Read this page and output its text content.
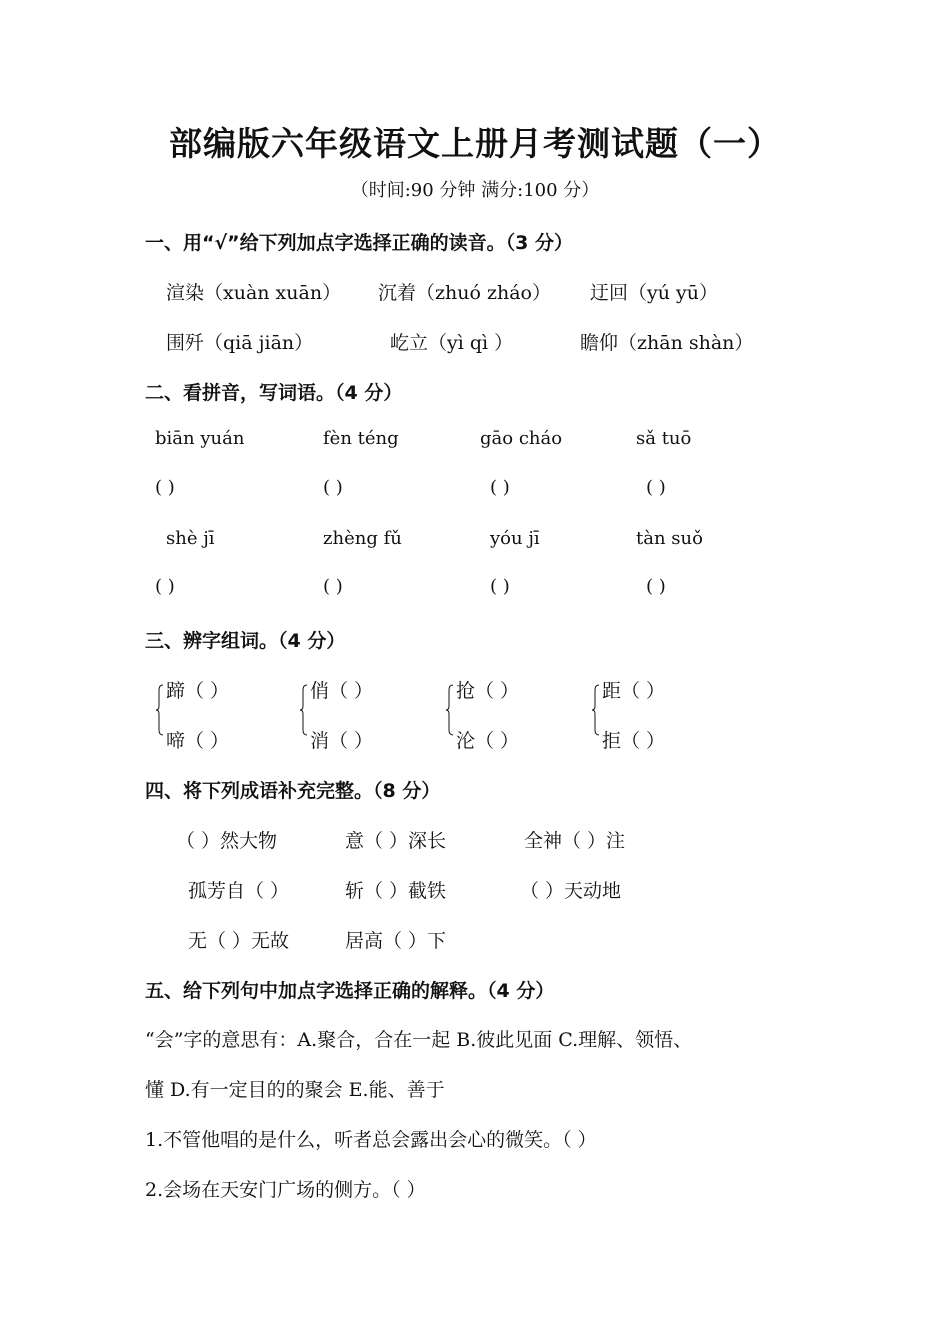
部编版六年级语文上册月考测试题（一）
（时间:90 分钟 满分:100 分）
一、用“√”给下列加点字选择正确的读音。（3 分）
渲染（xuàn xuān） 沉着（zhuó zháo） 迂回（yú yū）
围歼（qiā jiān）	屹立（yì qì ）	瞻仰（zhān shàn）
二、看拼音，写词语。（4 分）
biān yuán	fèn téng	gāo cháo	sǎ tuō
( )	( )	( )	( )
shè jī	zhèng fǔ	yóu jī	tàn suǒ
( )	( )	( )	( )
三、辨字组词。（4 分）
蹄（ ）
啼（ ）
俏（ ）
消（ ）
抢（ ）
沦（ ）
距（ ）
拒（ ）
四、将下列成语补充完整。（8 分）
（ ）然大物	意（ ）深长	全神（ ）注
孤芳自（ ）	斩（ ）截铁	（ ）天动地
无（ ）无故	居高（ ）下
五、给下列句中加点字选择正确的解释。（4 分）
“会”字的意思有：A.聚合，合在一起 B.彼此见面 C.理解、领悟、
懂 D.有一定目的的聚会 E.能、善于
1.不管他唱的是什么，听者总会露出会心的微笑。（ ）
2.会场在天安门广场的侧方。（ ）
